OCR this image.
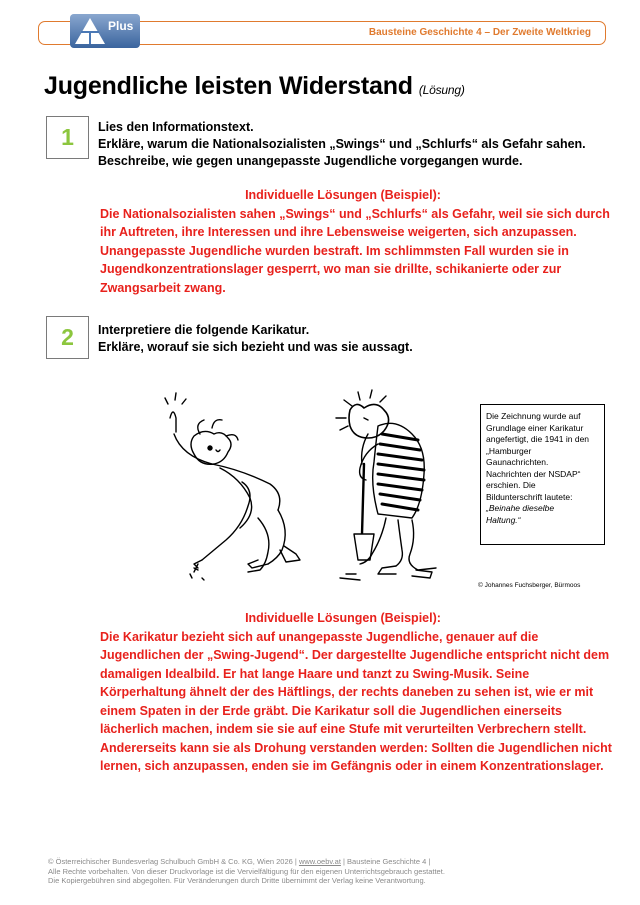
Bausteine Geschichte 4 – Der Zweite Weltkrieg
Plus
Jugendliche leisten Widerstand (Lösung)
1	Lies den Informationstext.
Erkläre, warum die Nationalsozialisten „Swings“ und „Schlurfs“ als Gefahr sahen.
Beschreibe, wie gegen unangepasste Jugendliche vorgegangen wurde.
Individuelle Lösungen (Beispiel):
Die Nationalsozialisten sahen „Swings“ und „Schlurfs“ als Gefahr, weil sie sich durch
ihr Auftreten, ihre Interessen und ihre Lebensweise weigerten, sich anzupassen.
Unangepasste Jugendliche wurden bestraft. Im schlimmsten Fall wurden sie in
Jugendkonzentrationslager gesperrt, wo man sie drillte, schikanierte oder zur
Zwangsarbeit zwang.
2	Interpretiere die folgende Karikatur.
Erkläre, worauf sie sich bezieht und was sie aussagt.
Die Zeichnung wurde auf
Grundlage einer Karikatur
angefertigt, die 1941 in den
„Hamburger
Gaunachrichten.
Nachrichten der NSDAP“
erschien. Die
Bildunterschrift lautete:
„Beinahe dieselbe
Haltung.“
© Johannes Fuchsberger, Bürmoos
Individuelle Lösungen (Beispiel):
Die Karikatur bezieht sich auf unangepasste Jugendliche, genauer auf die
Jugendlichen der „Swing-Jugend“. Der dargestellte Jugendliche entspricht nicht dem
damaligen Idealbild. Er hat lange Haare und tanzt zu Swing-Musik. Seine
Körperhaltung ähnelt der des Häftlings, der rechts daneben zu sehen ist, wie er mit
einem Spaten in der Erde gräbt. Die Karikatur soll die Jugendlichen einerseits
lächerlich machen, indem sie sie auf eine Stufe mit verurteilten Verbrechern stellt.
Andererseits kann sie als Drohung verstanden werden: Sollten die Jugendlichen nicht
lernen, sich anzupassen, enden sie im Gefängnis oder in einem Konzentrationslager.
© Österreichischer Bundesverlag Schulbuch GmbH & Co. KG, Wien 2026 | www.oebv.at | Bausteine Geschichte 4 |
Alle Rechte vorbehalten. Von dieser Druckvorlage ist die Vervielfältigung für den eigenen Unterrichtsgebrauch gestattet.
Die Kopiergebühren sind abgegolten. Für Veränderungen durch Dritte übernimmt der Verlag keine Verantwortung.
